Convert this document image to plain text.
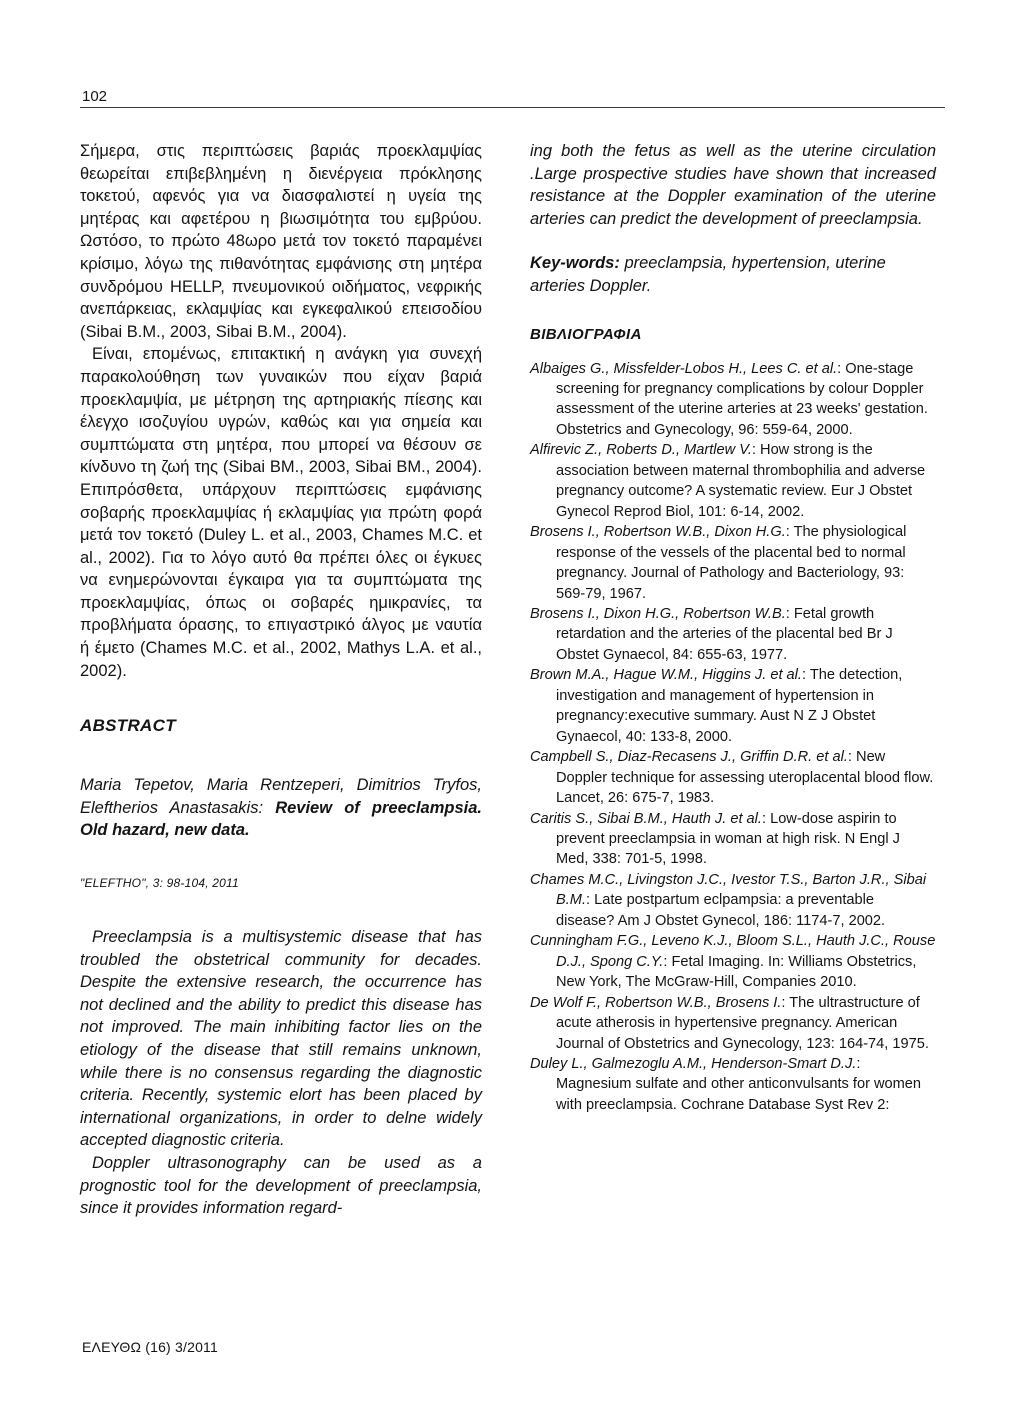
102

Σήμερα, στις περιπτώσεις βαριάς προεκλαμψίας θεωρείται επιβεβλημένη η διενέργεια πρόκλησης τοκετού, αφενός για να διασφαλιστεί η υγεία της μητέρας και αφετέρου η βιωσιμότητα του εμβρύου. Ωστόσο, το πρώτο 48ωρο μετά τον τοκετό παραμένει κρίσιμο, λόγω της πιθανότητας εμφάνισης στη μητέρα συνδρόμου HELLP, πνευμονικού οιδήματος, νεφρικής ανεπάρκειας, εκλαμψίας και εγκεφαλικού επεισοδίου (Sibai B.M., 2003, Sibai B.M., 2004).

Είναι, επομένως, επιτακτική η ανάγκη για συνεχή παρακολούθηση των γυναικών που είχαν βαριά προεκλαμψία, με μέτρηση της αρτηριακής πίεσης και έλεγχο ισοζυγίου υγρών, καθώς και για σημεία και συμπτώματα στη μητέρα, που μπορεί να θέσουν σε κίνδυνο τη ζωή της (Sibai BM., 2003, Sibai BM., 2004). Επιπρόσθετα, υπάρχουν περιπτώσεις εμφάνισης σοβαρής προεκλαμψίας ή εκλαμψίας για πρώτη φορά μετά τον τοκετό (Duley L. et al., 2003, Chames M.C. et al., 2002). Για το λόγο αυτό θα πρέπει όλες οι έγκυες να ενημερώνονται έγκαιρα για τα συμπτώματα της προεκλαμψίας, όπως οι σοβαρές ημικρανίες, τα προβλήματα όρασης, το επιγαστρικό άλγος με ναυτία ή έμετο (Chames M.C. et al., 2002, Mathys L.A. et al., 2002).

ABSTRACT

Maria Tepetov, Maria Rentzeperi, Dimitrios Tryfos, Eleftherios Anastasakis: Review of preeclampsia. Old hazard, new data.

"ELEFTHO", 3: 98-104, 2011

Preeclampsia is a multisystemic disease that has troubled the obstetrical community for decades. Despite the extensive research, the occurrence has not declined and the ability to predict this disease has not improved. The main inhibiting factor lies on the etiology of the disease that still remains unknown, while there is no consensus regarding the diagnostic criteria. Recently, systemic elort has been placed by international organizations, in order to delne widely accepted diagnostic criteria.

Doppler ultrasonography can be used as a prognostic tool for the development of preeclampsia, since it provides information regard-

ing both the fetus as well as the uterine circulation .Large prospective studies have shown that increased resistance at the Doppler examination of the uterine arteries can predict the development of preeclampsia.

Key-words: preeclampsia, hypertension, uterine arteries Doppler.

ΒΙΒΛΙΟΓΡΑΦΙΑ

Albaiges G., Missfelder-Lobos H., Lees C. et al.: One-stage screening for pregnancy complications by colour Doppler assessment of the uterine arteries at 23 weeks' gestation. Obstetrics and Gynecology, 96: 559-64, 2000.

Alfirevic Z., Roberts D., Martlew V.: How strong is the association between maternal thrombophilia and adverse pregnancy outcome? A systematic review. Eur J Obstet Gynecol Reprod Biol, 101: 6-14, 2002.

Brosens I., Robertson W.B., Dixon H.G.: The physiological response of the vessels of the placental bed to normal pregnancy. Journal of Pathology and Bacteriology, 93: 569-79, 1967.

Brosens I., Dixon H.G., Robertson W.B.: Fetal growth retardation and the arteries of the placental bed Br J Obstet Gynaecol, 84: 655-63, 1977.

Brown M.A., Hague W.M., Higgins J. et al.: The detection, investigation and management of hypertension in pregnancy:executive summary. Aust N Z J Obstet Gynaecol, 40: 133-8, 2000.

Campbell S., Diaz-Recasens J., Griffin D.R. et al.: New Doppler technique for assessing uteroplacental blood flow. Lancet, 26: 675-7, 1983.

Caritis S., Sibai B.M., Hauth J. et al.: Low-dose aspirin to prevent preeclampsia in woman at high risk. N Engl J Med, 338: 701-5, 1998.

Chames M.C., Livingston J.C., Ivestor T.S., Barton J.R., Sibai B.M.: Late postpartum eclpampsia: a preventable disease? Am J Obstet Gynecol, 186: 1174-7, 2002.

Cunningham F.G., Leveno K.J., Bloom S.L., Hauth J.C., Rouse D.J., Spong C.Y.: Fetal Imaging. In: Williams Obstetrics, New York, The McGraw-Hill, Companies 2010.

De Wolf F., Robertson W.B., Brosens I.: The ultrastructure of acute atherosis in hypertensive pregnancy. American Journal of Obstetrics and Gynecology, 123: 164-74, 1975.

Duley L., Galmezoglu A.M., Henderson-Smart D.J.: Magnesium sulfate and other anticonvulsants for women with preeclampsia. Cochrane Database Syst Rev 2:

ΕΛΕΥΘΩ (16) 3/2011
